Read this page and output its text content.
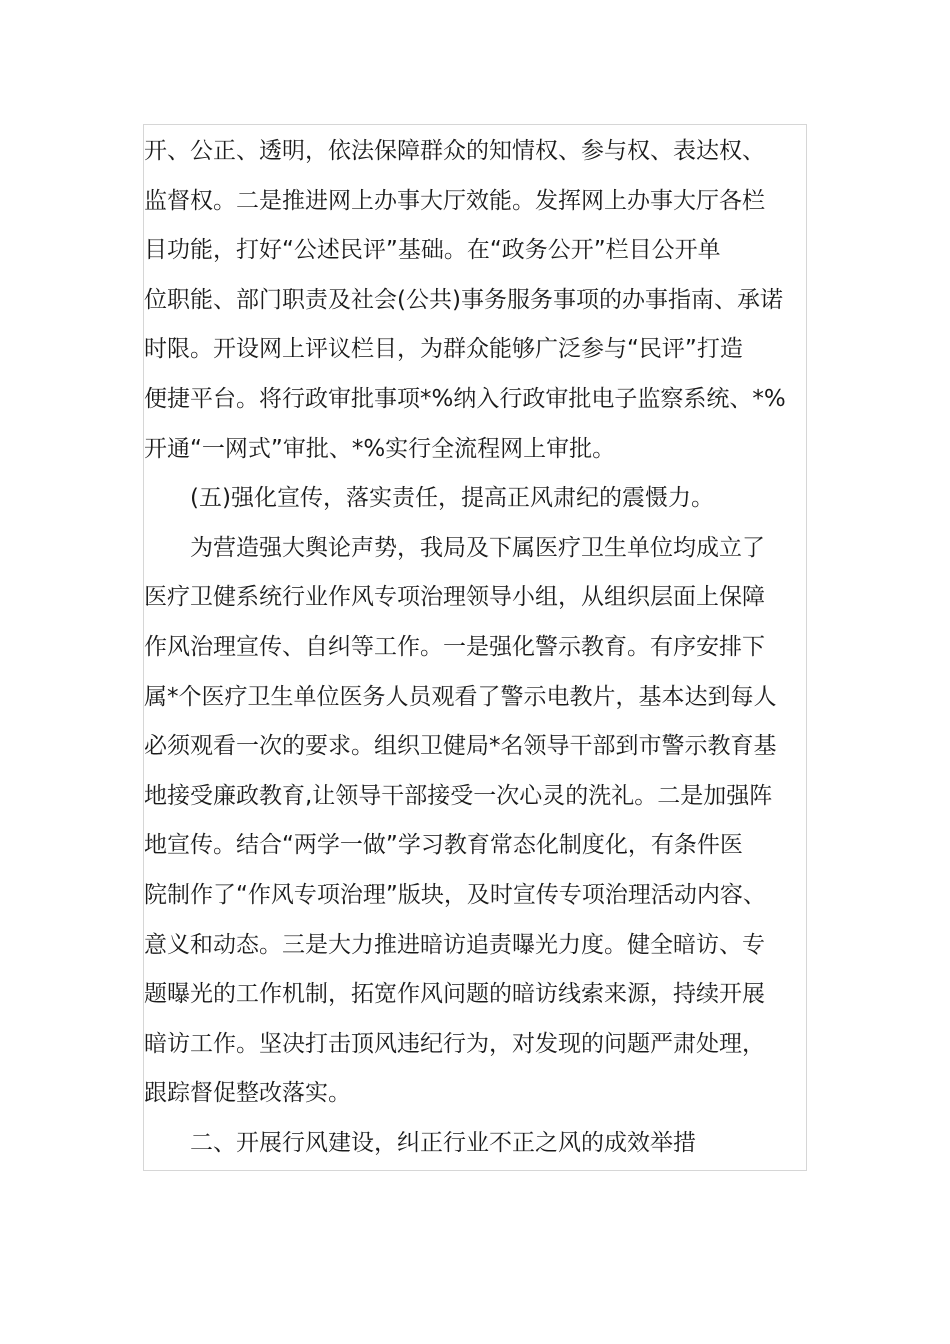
开、公正、透明，依法保障群众的知情权、参与权、表达权、
监督权。二是推进网上办事大厅效能。发挥网上办事大厅各栏
目功能，打好“公述民评”基础。在“政务公开”栏目公开单
位职能、部门职责及社会(公共)事务服务事项的办事指南、承诺
时限。开设网上评议栏目，为群众能够广泛参与“民评”打造
便捷平台。将行政审批事项*%纳入行政审批电子监察系统、*%
开通“一网式”审批、*%实行全流程网上审批。
(五)强化宣传，落实责任，提高正风肃纪的震慑力。
为营造强大舆论声势，我局及下属医疗卫生单位均成立了
医疗卫健系统行业作风专项治理领导小组，从组织层面上保障
作风治理宣传、自纠等工作。一是强化警示教育。有序安排下
属*个医疗卫生单位医务人员观看了警示电教片，基本达到每人
必须观看一次的要求。组织卫健局*名领导干部到市警示教育基
地接受廉政教育,让领导干部接受一次心灵的洗礼。二是加强阵
地宣传。结合“两学一做”学习教育常态化制度化，有条件医
院制作了“作风专项治理”版块，及时宣传专项治理活动内容、
意义和动态。三是大力推进暗访追责曝光力度。健全暗访、专
题曝光的工作机制，拓宽作风问题的暗访线索来源，持续开展
暗访工作。坚决打击顶风违纪行为，对发现的问题严肃处理，
跟踪督促整改落实。
二、开展行风建设，纠正行业不正之风的成效举措
